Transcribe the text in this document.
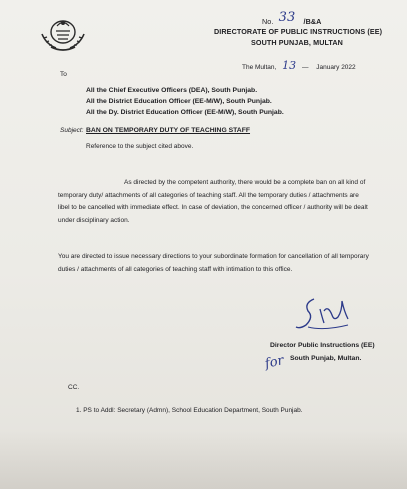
No. 33 /B&A
DIRECTORATE OF PUBLIC INSTRUCTIONS (EE)
SOUTH PUNJAB, MULTAN
The Multan, 13 — January 2022
To
All the Chief Executive Officers (DEA), South Punjab.
All the District Education Officer (EE-M/W), South Punjab.
All the Dy. District Education Officer (EE-M/W), South Punjab.
Subject: BAN ON TEMPORARY DUTY OF TEACHING STAFF
Reference to the subject cited above.
As directed by the competent authority, there would be a complete ban on all kind of
temporary duty/ attachments of all categories of teaching staff. All the temporary duties / attachments are
libel to be cancelled with immediate effect. In case of deviation, the concerned officer / authority will be dealt
under disciplinary action.
You are directed to issue necessary directions to your subordinate formation for cancellation of all temporary
duties / attachments of all categories of teaching staff with intimation to this office.
Director Public Instructions (EE)
for South Punjab, Multan.
CC.
1. PS to Addl: Secretary (Admn), School Education Department, South Punjab.
